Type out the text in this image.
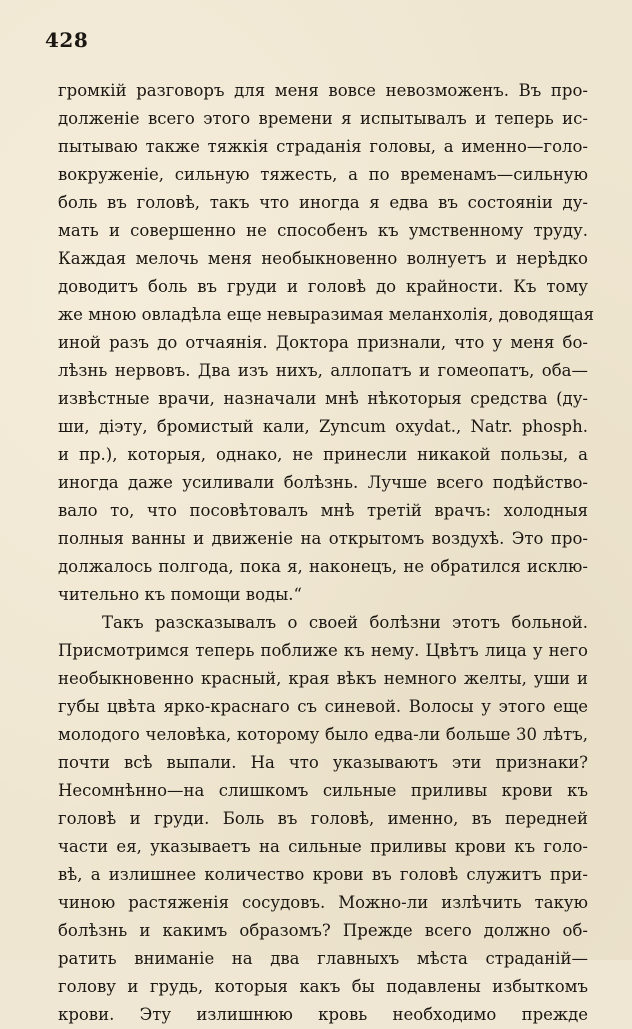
428
громкій разговоръ для меня вовсе невозможенъ. Въ про-
долженіе всего этого времени я испытывалъ и теперь ис-
пытываю также тяжкія страданія головы, а именно—голо-
вокруженіе, сильную тяжесть, а по временамъ—сильную
боль въ головѣ, такъ что иногда я едва въ состояніи ду-
мать и совершенно не способенъ къ умственному труду.
Каждая мелочь меня необыкновенно волнуетъ и нерѣдко
доводитъ боль въ груди и головѣ до крайности. Къ тому
же мною овладѣла еще невыразимая меланхолія, доводящая
иной разъ до отчаянія. Доктора признали, что у меня бо-
лѣзнь нервовъ. Два изъ нихъ, аллопатъ и гомеопатъ, оба—
извѣстные врачи, назначали мнѣ нѣкоторыя средства (ду-
ши, діэту, бромистый кали, Zyncum oxydat., Natr. phosph.
и пр.), которыя, однако, не принесли никакой пользы, а
иногда даже усиливали болѣзнь. Лучше всего подѣйство-
вало то, что посовѣтовалъ мнѣ третій врачъ: холодныя
полныя ванны и движеніе на открытомъ воздухѣ. Это про-
должалось полгода, пока я, наконецъ, не обратился исклю-
чительно къ помощи воды.“
Такъ разсказывалъ о своей болѣзни этотъ больной.
Присмотримся теперь поближе къ нему. Цвѣтъ лица у него
необыкновенно красный, края вѣкъ немного желты, уши и
губы цвѣта ярко-краснаго съ синевой. Волосы у этого еще
молодого человѣка, которому было едва-ли больше 30 лѣтъ,
почти всѣ выпали. На что указываютъ эти признаки?
Несомнѣнно—на слишкомъ сильные приливы крови къ
головѣ и груди. Боль въ головѣ, именно, въ передней
части ея, указываетъ на сильные приливы крови къ голо-
вѣ, а излишнее количество крови въ головѣ служитъ при-
чиною растяженія сосудовъ. Можно-ли излѣчить такую
болѣзнь и какимъ образомъ? Прежде всего должно об-
ратить вниманіе на два главныхъ мѣста страданій—
голову и грудь, которыя какъ бы подавлены избыткомъ
крови. Эту излишнюю кровь необходимо прежде
